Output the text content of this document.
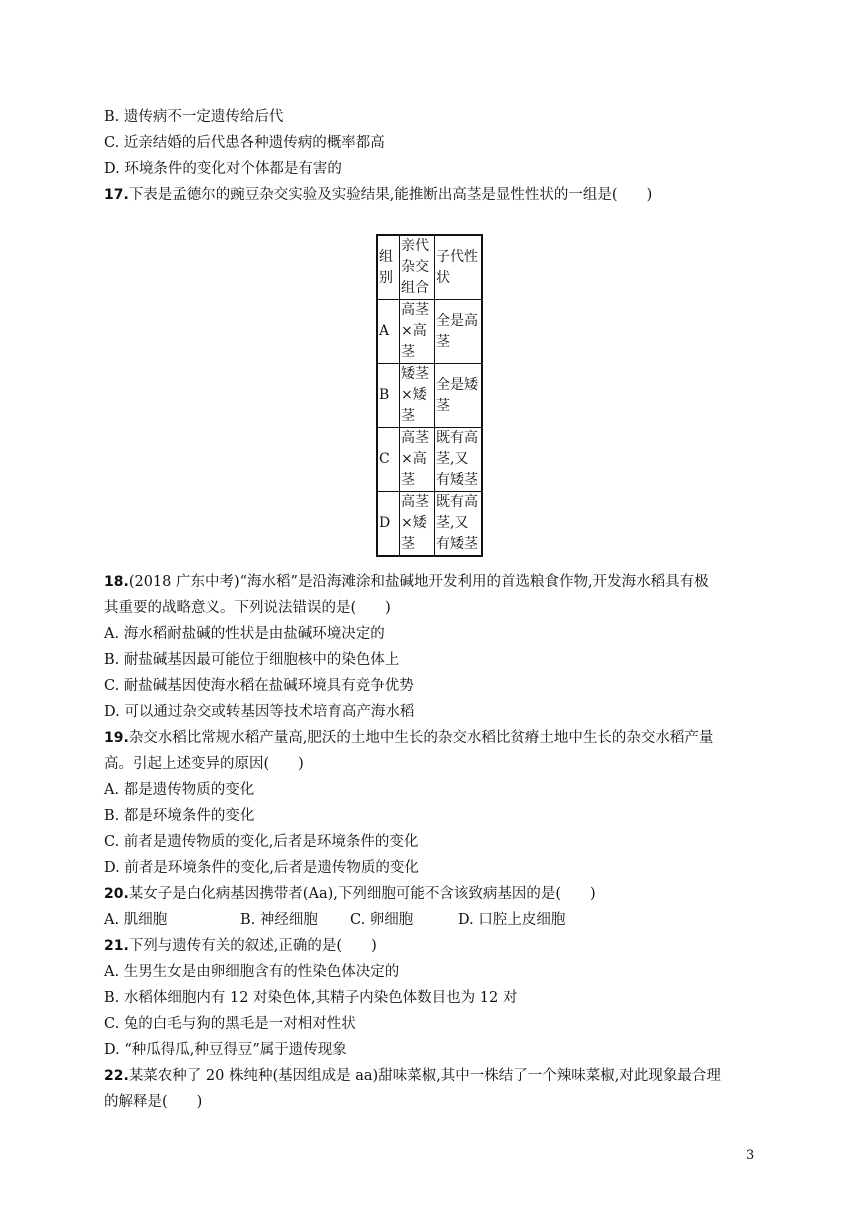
B. 遗传病不一定遗传给后代
C. 近亲结婚的后代患各种遗传病的概率都高
D. 环境条件的变化对个体都是有害的
17.下表是孟德尔的豌豆杂交实验及实验结果,能推断出高茎是显性性状的一组是(　　)
组别	亲代杂交组合	子代性状
A	高茎×高茎	全是高茎
B	矮茎×矮茎	全是矮茎
C	高茎×高茎	既有高茎,又有矮茎
D	高茎×矮茎	既有高茎,又有矮茎
18.(2018 广东中考)“海水稻”是沿海滩涂和盐碱地开发利用的首选粮食作物,开发海水稻具有极
其重要的战略意义。下列说法错误的是(　　)
A. 海水稻耐盐碱的性状是由盐碱环境决定的
B. 耐盐碱基因最可能位于细胞核中的染色体上
C. 耐盐碱基因使海水稻在盐碱环境具有竞争优势
D. 可以通过杂交或转基因等技术培育高产海水稻
19.杂交水稻比常规水稻产量高,肥沃的土地中生长的杂交水稻比贫瘠土地中生长的杂交水稻产量
高。引起上述变异的原因(　　)
A. 都是遗传物质的变化
B. 都是环境条件的变化
C. 前者是遗传物质的变化,后者是环境条件的变化
D. 前者是环境条件的变化,后者是遗传物质的变化
20.某女子是白化病基因携带者(Aa),下列细胞可能不含该致病基因的是(　　)
A. 肌细胞	B. 神经细胞	C. 卵细胞	D. 口腔上皮细胞
21.下列与遗传有关的叙述,正确的是(　　)
A. 生男生女是由卵细胞含有的性染色体决定的
B. 水稻体细胞内有 12 对染色体,其精子内染色体数目也为 12 对
C. 兔的白毛与狗的黑毛是一对相对性状
D. “种瓜得瓜,种豆得豆”属于遗传现象
22.某菜农种了 20 株纯种(基因组成是 aa)甜味菜椒,其中一株结了一个辣味菜椒,对此现象最合理
的解释是(　　)
3
